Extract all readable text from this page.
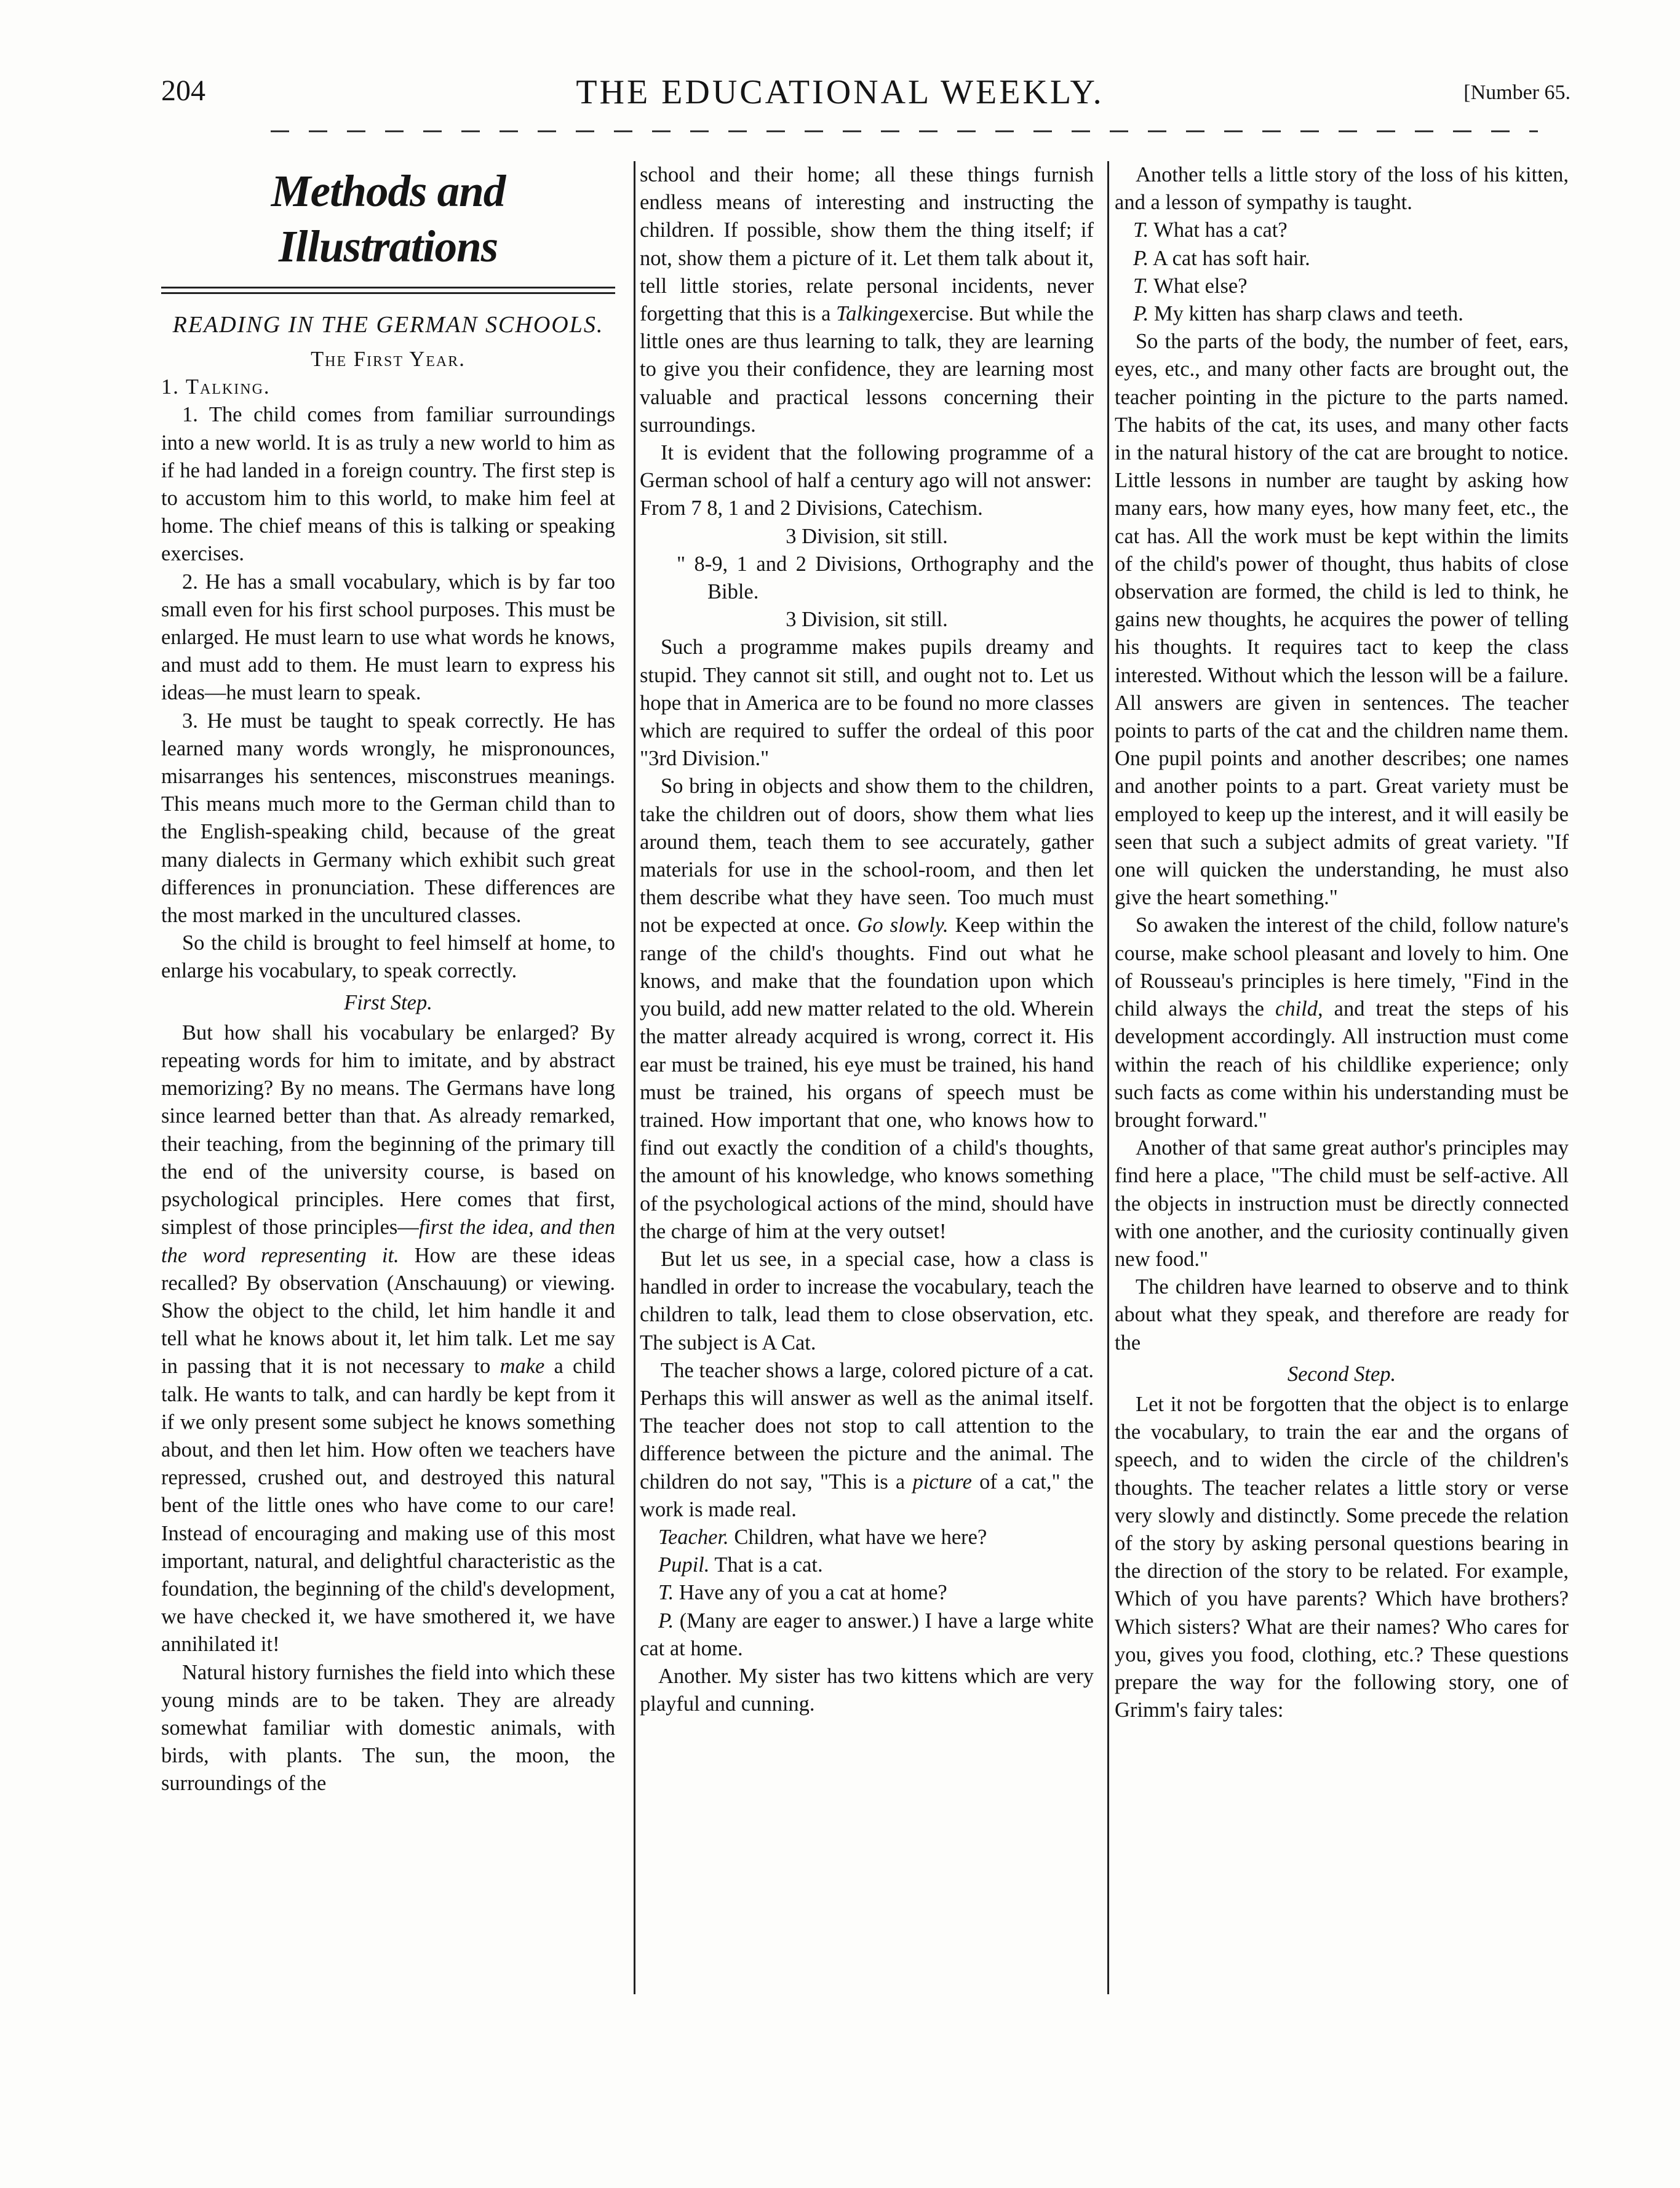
204	THE EDUCATIONAL WEEKLY.	[Number 65.
Methods and Illustrations
READING IN THE GERMAN SCHOOLS.

The First Year.

1. Talking.

1. The child comes from familiar surroundings into a new world. It is as truly a new world to him as if he had landed in a foreign country. The first step is to accustom him to this world, to make him feel at home. The chief means of this is talking or speaking exercises.

2. He has a small vocabulary, which is by far too small even for his first school purposes. This must be enlarged. He must learn to use what words he knows, and must add to them. He must learn to express his ideas—he must learn to speak.

3. He must be taught to speak correctly. He has learned many words wrongly, he mispronounces, misarranges his sentences, misconstrues meanings. This means much more to the German child than to the English-speaking child, because of the great many dialects in Germany which exhibit such great differences in pronunciation. These differences are the most marked in the uncultured classes.

So the child is brought to feel himself at home, to enlarge his vocabulary, to speak correctly.

First Step.

But how shall his vocabulary be enlarged? By repeating words for him to imitate, and by abstract memorizing? By no means. The Germans have long since learned better than that. As already remarked, their teaching, from the beginning of the primary till the end of the university course, is based on psychological principles. Here comes that first, simplest of those principles—first the idea, and then the word representing it. How are these ideas recalled? By observation (Anschauung) or viewing. Show the object to the child, let him handle it and tell what he knows about it, let him talk. Let me say in passing that it is not necessary to make a child talk. He wants to talk, and can hardly be kept from it if we only present some subject he knows something about, and then let him. How often we teachers have repressed, crushed out, and destroyed this natural bent of the little ones who have come to our care! Instead of encouraging and making use of this most important, natural, and delightful characteristic as the foundation, the beginning of the child's development, we have checked it, we have smothered it, we have annihilated it!

Natural history furnishes the field into which these young minds are to be taken. They are already somewhat familiar with domestic animals, with birds, with plants. The sun, the moon, the surroundings of the

school and their home; all these things furnish endless means of interesting and instructing the children. If possible, show them the thing itself; if not, show them a picture of it. Let them talk about it, tell little stories, relate personal incidents, never forgetting that this is a Talkingexercise. But while the little ones are thus learning to talk, they are learning to give you their confidence, they are learning most valuable and practical lessons concerning their surroundings.

It is evident that the following programme of a German school of half a century ago will not answer:

From 7 8, 1 and 2 Divisions, Catechism.

3 Division, sit still.

" 8-9, 1 and 2 Divisions, Orthography and the Bible.

3 Division, sit still.

Such a programme makes pupils dreamy and stupid. They cannot sit still, and ought not to. Let us hope that in America are to be found no more classes which are required to suffer the ordeal of this poor "3rd Division."

So bring in objects and show them to the children, take the children out of doors, show them what lies around them, teach them to see accurately, gather materials for use in the school-room, and then let them describe what they have seen. Too much must not be expected at once. Go slowly. Keep within the range of the child's thoughts. Find out what he knows, and make that the foundation upon which you build, add new matter related to the old. Wherein the matter already acquired is wrong, correct it. His ear must be trained, his eye must be trained, his hand must be trained, his organs of speech must be trained. How important that one, who knows how to find out exactly the condition of a child's thoughts, the amount of his knowledge, who knows something of the psychological actions of the mind, should have the charge of him at the very outset!

But let us see, in a special case, how a class is handled in order to increase the vocabulary, teach the children to talk, lead them to close observation, etc. The subject is A Cat.

The teacher shows a large, colored picture of a cat. Perhaps this will answer as well as the animal itself. The teacher does not stop to call attention to the difference between the picture and the animal. The children do not say, "This is a picture of a cat," the work is made real.

Teacher. Children, what have we here?

Pupil. That is a cat.

T. Have any of you a cat at home?

P. (Many are eager to answer.) I have a large white cat at home.

Another. My sister has two kittens which are very playful and cunning.

Another tells a little story of the loss of his kitten, and a lesson of sympathy is taught.

T. What has a cat?

P. A cat has soft hair.

T. What else?

P. My kitten has sharp claws and teeth.

So the parts of the body, the number of feet, ears, eyes, etc., and many other facts are brought out, the teacher pointing in the picture to the parts named. The habits of the cat, its uses, and many other facts in the natural history of the cat are brought to notice. Little lessons in number are taught by asking how many ears, how many eyes, how many feet, etc., the cat has. All the work must be kept within the limits of the child's power of thought, thus habits of close observation are formed, the child is led to think, he gains new thoughts, he acquires the power of telling his thoughts. It requires tact to keep the class interested. Without which the lesson will be a failure. All answers are given in sentences. The teacher points to parts of the cat and the children name them. One pupil points and another describes; one names and another points to a part. Great variety must be employed to keep up the interest, and it will easily be seen that such a subject admits of great variety. "If one will quicken the understanding, he must also give the heart something."

So awaken the interest of the child, follow nature's course, make school pleasant and lovely to him. One of Rousseau's principles is here timely, "Find in the child always the child, and treat the steps of his development accordingly. All instruction must come within the reach of his childlike experience; only such facts as come within his understanding must be brought forward."

Another of that same great author's principles may find here a place, "The child must be self-active. All the objects in instruction must be directly connected with one another, and the curiosity continually given new food."

The children have learned to observe and to think about what they speak, and therefore are ready for the

Second Step.

Let it not be forgotten that the object is to enlarge the vocabulary, to train the ear and the organs of speech, and to widen the circle of the children's thoughts. The teacher relates a little story or verse very slowly and distinctly. Some precede the relation of the story by asking personal questions bearing in the direction of the story to be related. For example, Which of you have parents? Which have brothers? Which sisters? What are their names? Who cares for you, gives you food, clothing, etc.? These questions prepare the way for the following story, one of Grimm's fairy tales:
